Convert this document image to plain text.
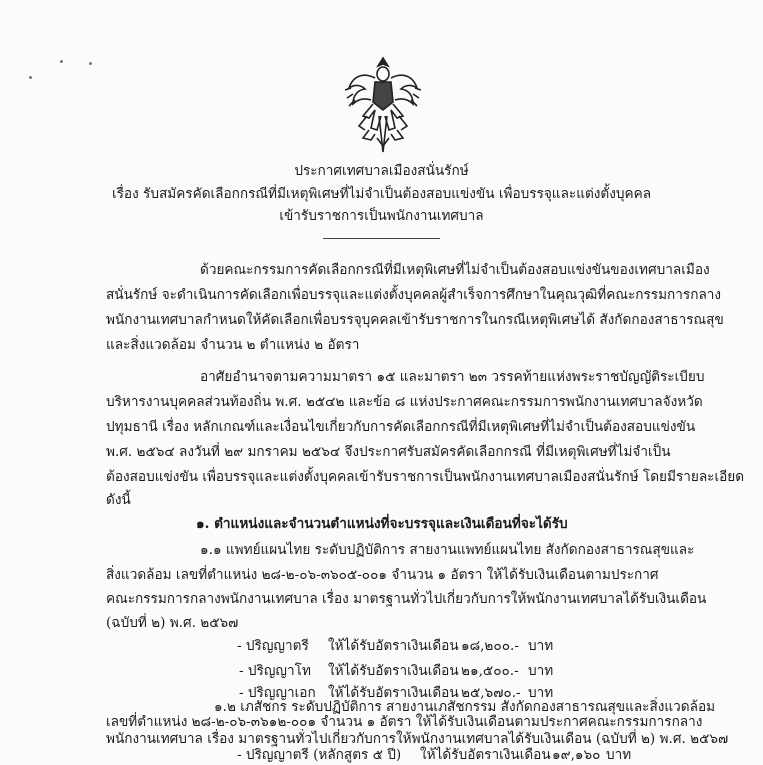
ประกาศเทศบาลเมืองสนั่นรักษ์
เรื่อง รับสมัครคัดเลือกกรณีที่มีเหตุพิเศษที่ไม่จำเป็นต้องสอบแข่งขัน เพื่อบรรจุและแต่งตั้งบุคคล
เข้ารับราชการเป็นพนักงานเทศบาล
ด้วยคณะกรรมการคัดเลือกกรณีที่มีเหตุพิเศษที่ไม่จำเป็นต้องสอบแข่งขันของเทศบาลเมือง
สนั่นรักษ์ จะดำเนินการคัดเลือกเพื่อบรรจุและแต่งตั้งบุคคลผู้สำเร็จการศึกษาในคุณวุฒิที่คณะกรรมการกลาง
พนักงานเทศบาลกำหนดให้คัดเลือกเพื่อบรรจุบุคคลเข้ารับราชการในกรณีเหตุพิเศษได้ สังกัดกองสาธารณสุข
และสิ่งแวดล้อม จำนวน ๒ ตำแหน่ง ๒ อัตรา
อาศัยอำนาจตามความมาตรา ๑๕ และมาตรา ๒๓ วรรคท้ายแห่งพระราชบัญญัติระเบียบ
บริหารงานบุคคลส่วนท้องถิ่น พ.ศ. ๒๕๔๒ และข้อ ๘ แห่งประกาศคณะกรรมการพนักงานเทศบาลจังหวัด
ปทุมธานี เรื่อง หลักเกณฑ์และเงื่อนไขเกี่ยวกับการคัดเลือกกรณีที่มีเหตุพิเศษที่ไม่จำเป็นต้องสอบแข่งขัน
พ.ศ. ๒๕๖๔ ลงวันที่ ๒๙ มกราคม ๒๕๖๔ จึงประกาศรับสมัครคัดเลือกกรณี ที่มีเหตุพิเศษที่ไม่จำเป็น
ต้องสอบแข่งขัน เพื่อบรรจุและแต่งตั้งบุคคลเข้ารับราชการเป็นพนักงานเทศบาลเมืองสนั่นรักษ์ โดยมีรายละเอียด
ดังนี้
๑. ตำแหน่งและจำนวนตำแหน่งที่จะบรรจุและเงินเดือนที่จะได้รับ
๑.๑ แพทย์แผนไทย ระดับปฏิบัติการ สายงานแพทย์แผนไทย สังกัดกองสาธารณสุขและ
สิ่งแวดล้อม เลขที่ตำแหน่ง ๒๘-๒-๐๖-๓๖๐๕-๐๐๑ จำนวน ๑ อัตรา ให้ได้รับเงินเดือนตามประกาศ
คณะกรรมการกลางพนักงานเทศบาล เรื่อง มาตรฐานทั่วไปเกี่ยวกับการให้พนักงานเทศบาลได้รับเงินเดือน
(ฉบับที่ ๒) พ.ศ. ๒๕๖๗
- ปริญญาตรี ให้ได้รับอัตราเงินเดือน ๑๘,๒๐๐.- บาท
- ปริญญาโท ให้ได้รับอัตราเงินเดือน ๒๑,๕๐๐.- บาท
- ปริญญาเอก ให้ได้รับอัตราเงินเดือน ๒๕,๖๗๐.- บาท
๑.๒ เภสัชกร ระดับปฏิบัติการ สายงานเภสัชกรรม สังกัดกองสาธารณสุขและสิ่งแวดล้อม
เลขที่ตำแหน่ง ๒๘-๒-๐๖-๓๖๑๒-๐๐๑ จำนวน ๑ อัตรา ให้ได้รับเงินเดือนตามประกาศคณะกรรมการกลาง
พนักงานเทศบาล เรื่อง มาตรฐานทั่วไปเกี่ยวกับการให้พนักงานเทศบาลได้รับเงินเดือน (ฉบับที่ ๒) พ.ศ. ๒๕๖๗
- ปริญญาตรี (หลักสูตร ๕ ปี) ให้ได้รับอัตราเงินเดือน ๑๙,๑๖๐ บาท
